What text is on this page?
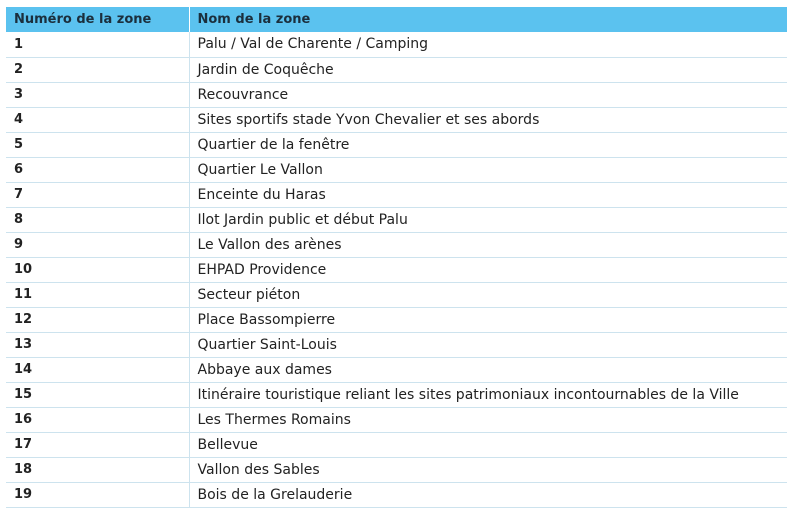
Numéro de la zone	Nom de la zone
1	Palu / Val de Charente / Camping
2	Jardin de Coquêche
3	Recouvrance
4	Sites sportifs stade Yvon Chevalier et ses abords
5	Quartier de la fenêtre
6	Quartier Le Vallon
7	Enceinte du Haras
8	Ilot Jardin public et début Palu
9	Le Vallon des arènes
10	EHPAD Providence
11	Secteur piéton
12	Place Bassompierre
13	Quartier Saint-Louis
14	Abbaye aux dames
15	Itinéraire touristique reliant les sites patrimoniaux incontournables de la Ville
16	Les Thermes Romains
17	Bellevue
18	Vallon des Sables
19	Bois de la Grelauderie
